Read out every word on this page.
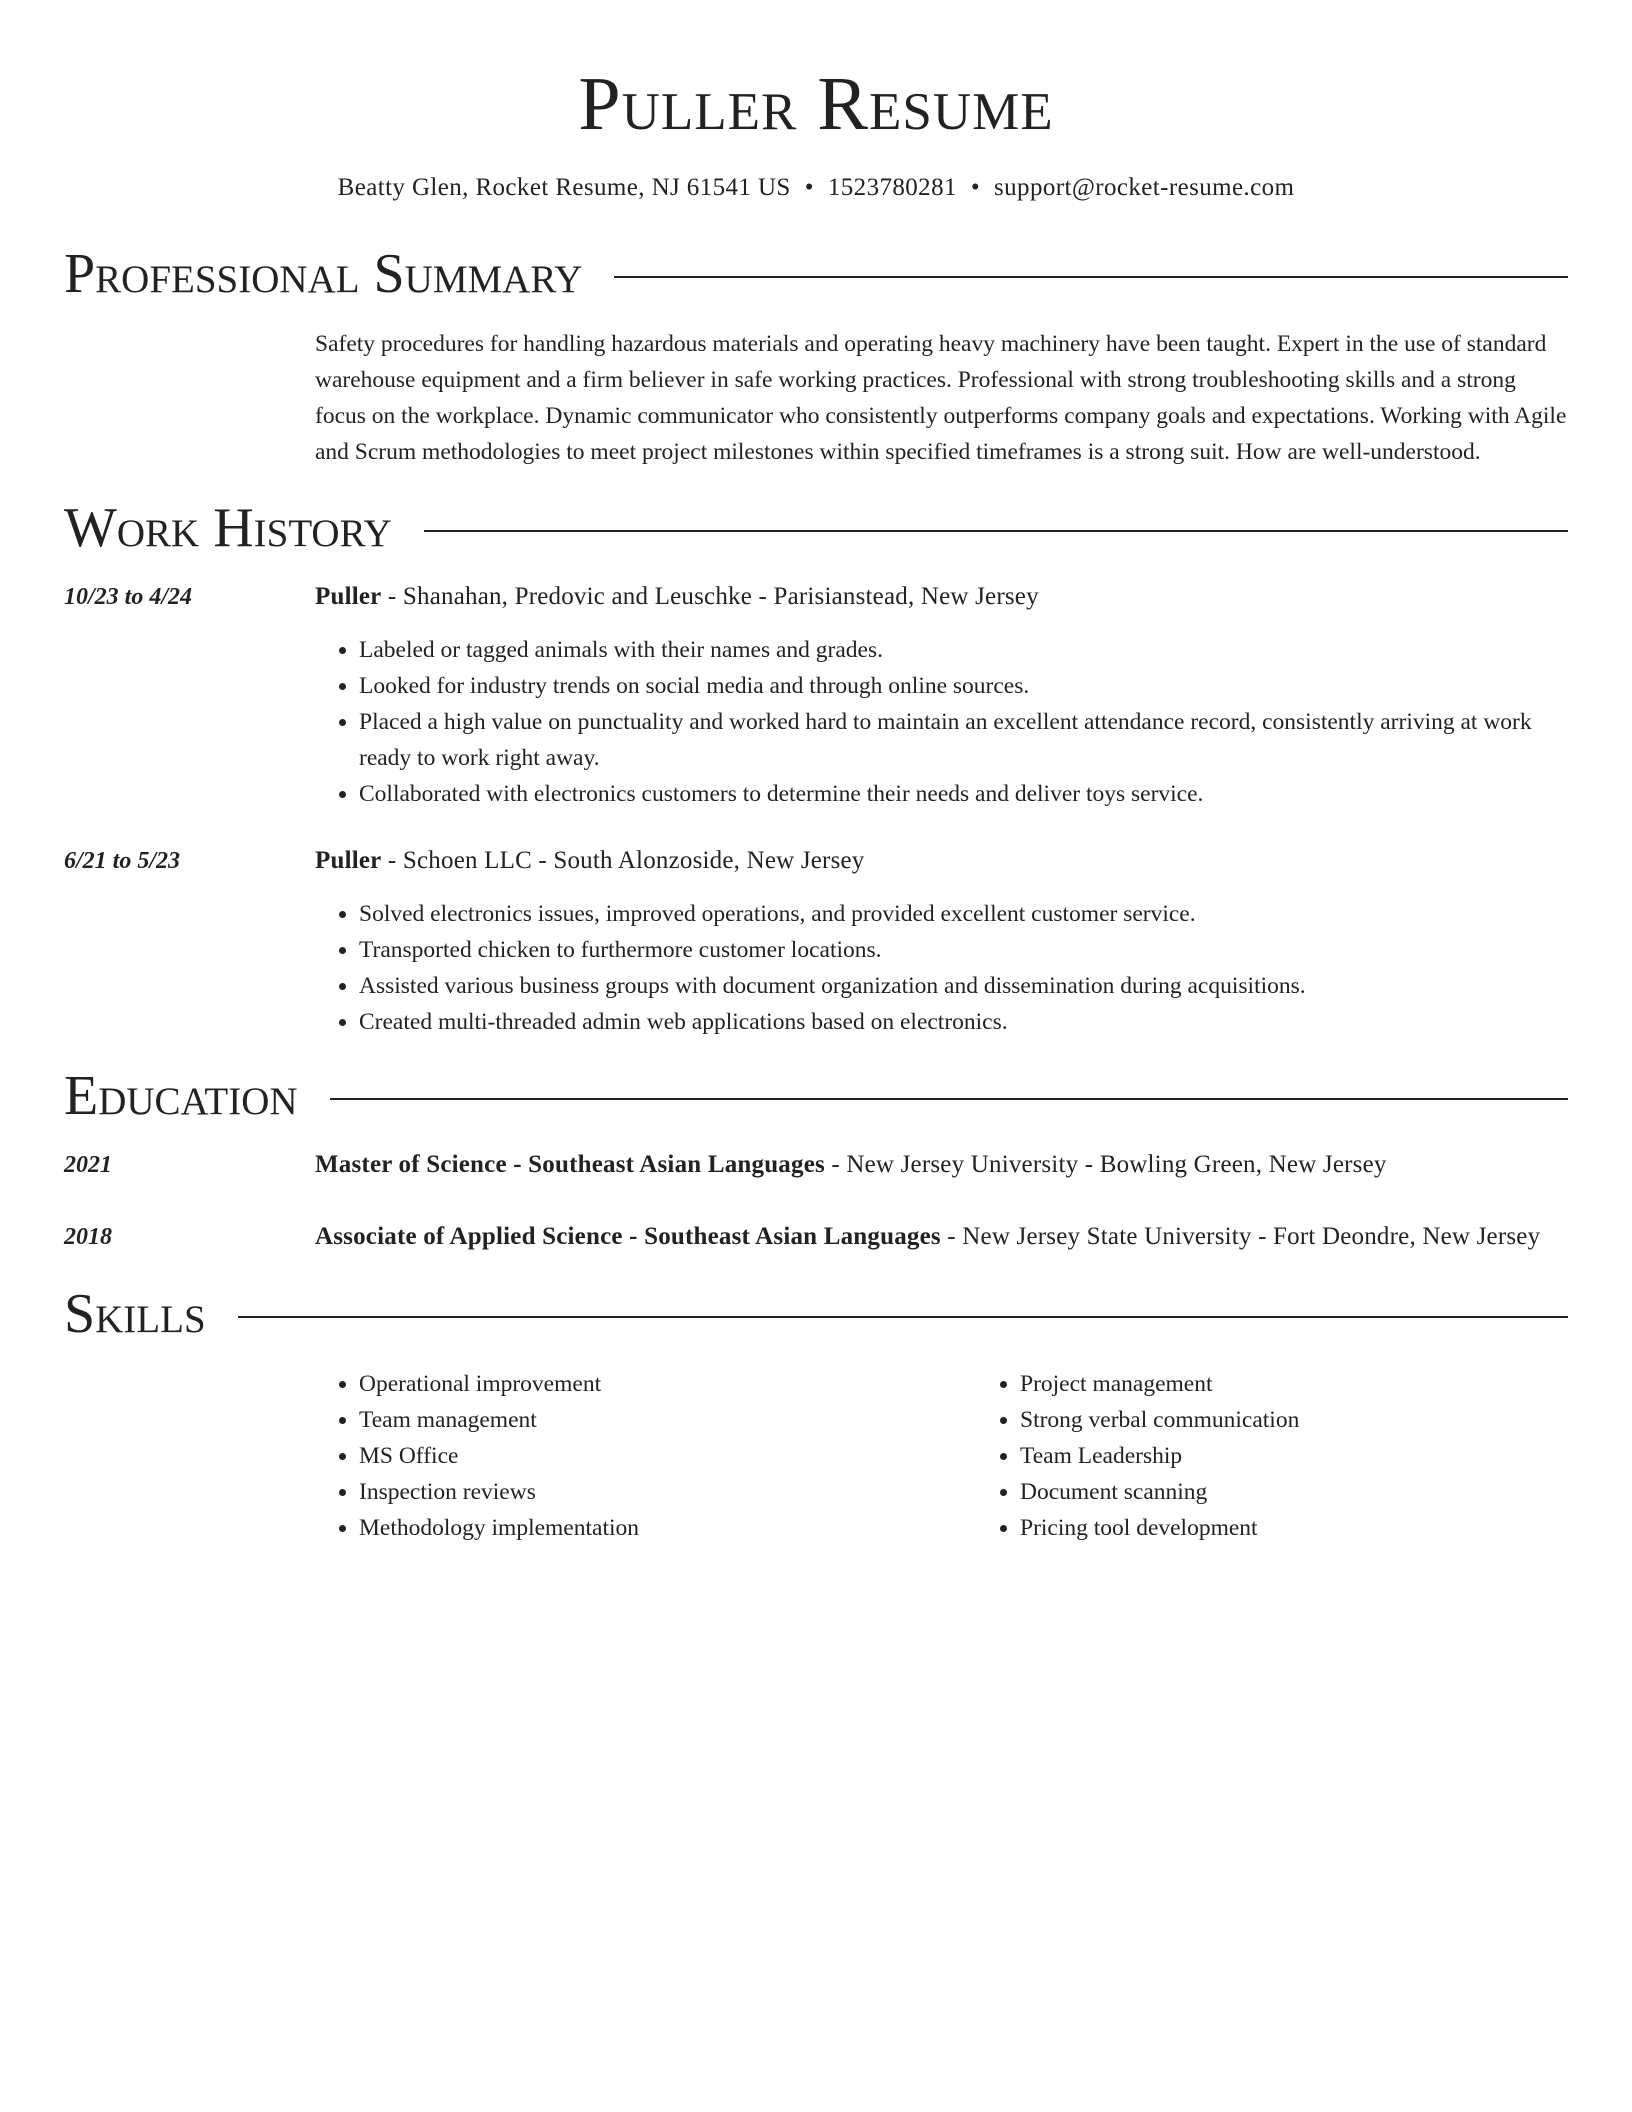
Puller Resume
Beatty Glen, Rocket Resume, NJ 61541 US • 1523780281 • support@rocket-resume.com
Professional Summary

Safety procedures for handling hazardous materials and operating heavy machinery have been taught. Expert in the use of standard warehouse equipment and a firm believer in safe working practices. Professional with strong troubleshooting skills and a strong focus on the workplace. Dynamic communicator who consistently outperforms company goals and expectations. Working with Agile and Scrum methodologies to meet project milestones within specified timeframes is a strong suit. How are well-understood.

Work History
10/23 to 4/24	Puller - Shanahan, Predovic and Leuschke - Parisianstead, New Jersey
• Labeled or tagged animals with their names and grades.
• Looked for industry trends on social media and through online sources.
• Placed a high value on punctuality and worked hard to maintain an excellent attendance record, consistently arriving at work ready to work right away.
• Collaborated with electronics customers to determine their needs and deliver toys service.
6/21 to 5/23	Puller - Schoen LLC - South Alonzoside, New Jersey
• Solved electronics issues, improved operations, and provided excellent customer service.
• Transported chicken to furthermore customer locations.
• Assisted various business groups with document organization and dissemination during acquisitions.
• Created multi-threaded admin web applications based on electronics.
Education
2021	Master of Science - Southeast Asian Languages - New Jersey University - Bowling Green, New Jersey
2018	Associate of Applied Science - Southeast Asian Languages - New Jersey State University - Fort Deondre, New Jersey
Skills
• Operational improvement
• Team management
• MS Office
• Inspection reviews
• Methodology implementation
• Project management
• Strong verbal communication
• Team Leadership
• Document scanning
• Pricing tool development
